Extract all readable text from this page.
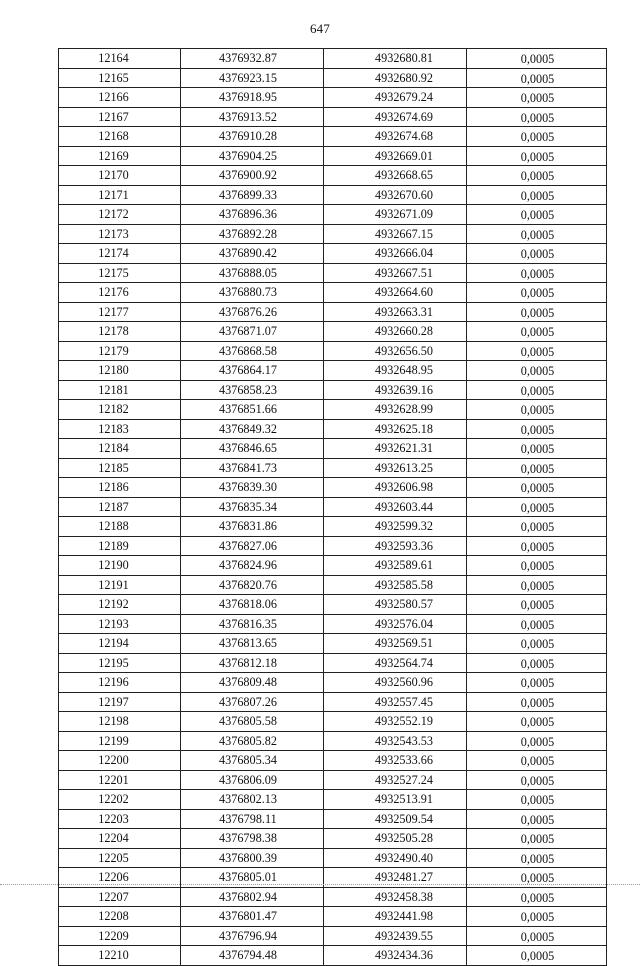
647
12164	4376932.87	4932680.81	0,0005
12165	4376923.15	4932680.92	0,0005
12166	4376918.95	4932679.24	0,0005
12167	4376913.52	4932674.69	0,0005
12168	4376910.28	4932674.68	0,0005
12169	4376904.25	4932669.01	0,0005
12170	4376900.92	4932668.65	0,0005
12171	4376899.33	4932670.60	0,0005
12172	4376896.36	4932671.09	0,0005
12173	4376892.28	4932667.15	0,0005
12174	4376890.42	4932666.04	0,0005
12175	4376888.05	4932667.51	0,0005
12176	4376880.73	4932664.60	0,0005
12177	4376876.26	4932663.31	0,0005
12178	4376871.07	4932660.28	0,0005
12179	4376868.58	4932656.50	0,0005
12180	4376864.17	4932648.95	0,0005
12181	4376858.23	4932639.16	0,0005
12182	4376851.66	4932628.99	0,0005
12183	4376849.32	4932625.18	0,0005
12184	4376846.65	4932621.31	0,0005
12185	4376841.73	4932613.25	0,0005
12186	4376839.30	4932606.98	0,0005
12187	4376835.34	4932603.44	0,0005
12188	4376831.86	4932599.32	0,0005
12189	4376827.06	4932593.36	0,0005
12190	4376824.96	4932589.61	0,0005
12191	4376820.76	4932585.58	0,0005
12192	4376818.06	4932580.57	0,0005
12193	4376816.35	4932576.04	0,0005
12194	4376813.65	4932569.51	0,0005
12195	4376812.18	4932564.74	0,0005
12196	4376809.48	4932560.96	0,0005
12197	4376807.26	4932557.45	0,0005
12198	4376805.58	4932552.19	0,0005
12199	4376805.82	4932543.53	0,0005
12200	4376805.34	4932533.66	0,0005
12201	4376806.09	4932527.24	0,0005
12202	4376802.13	4932513.91	0,0005
12203	4376798.11	4932509.54	0,0005
12204	4376798.38	4932505.28	0,0005
12205	4376800.39	4932490.40	0,0005
12206	4376805.01	4932481.27	0,0005
12207	4376802.94	4932458.38	0,0005
12208	4376801.47	4932441.98	0,0005
12209	4376796.94	4932439.55	0,0005
12210	4376794.48	4932434.36	0,0005
